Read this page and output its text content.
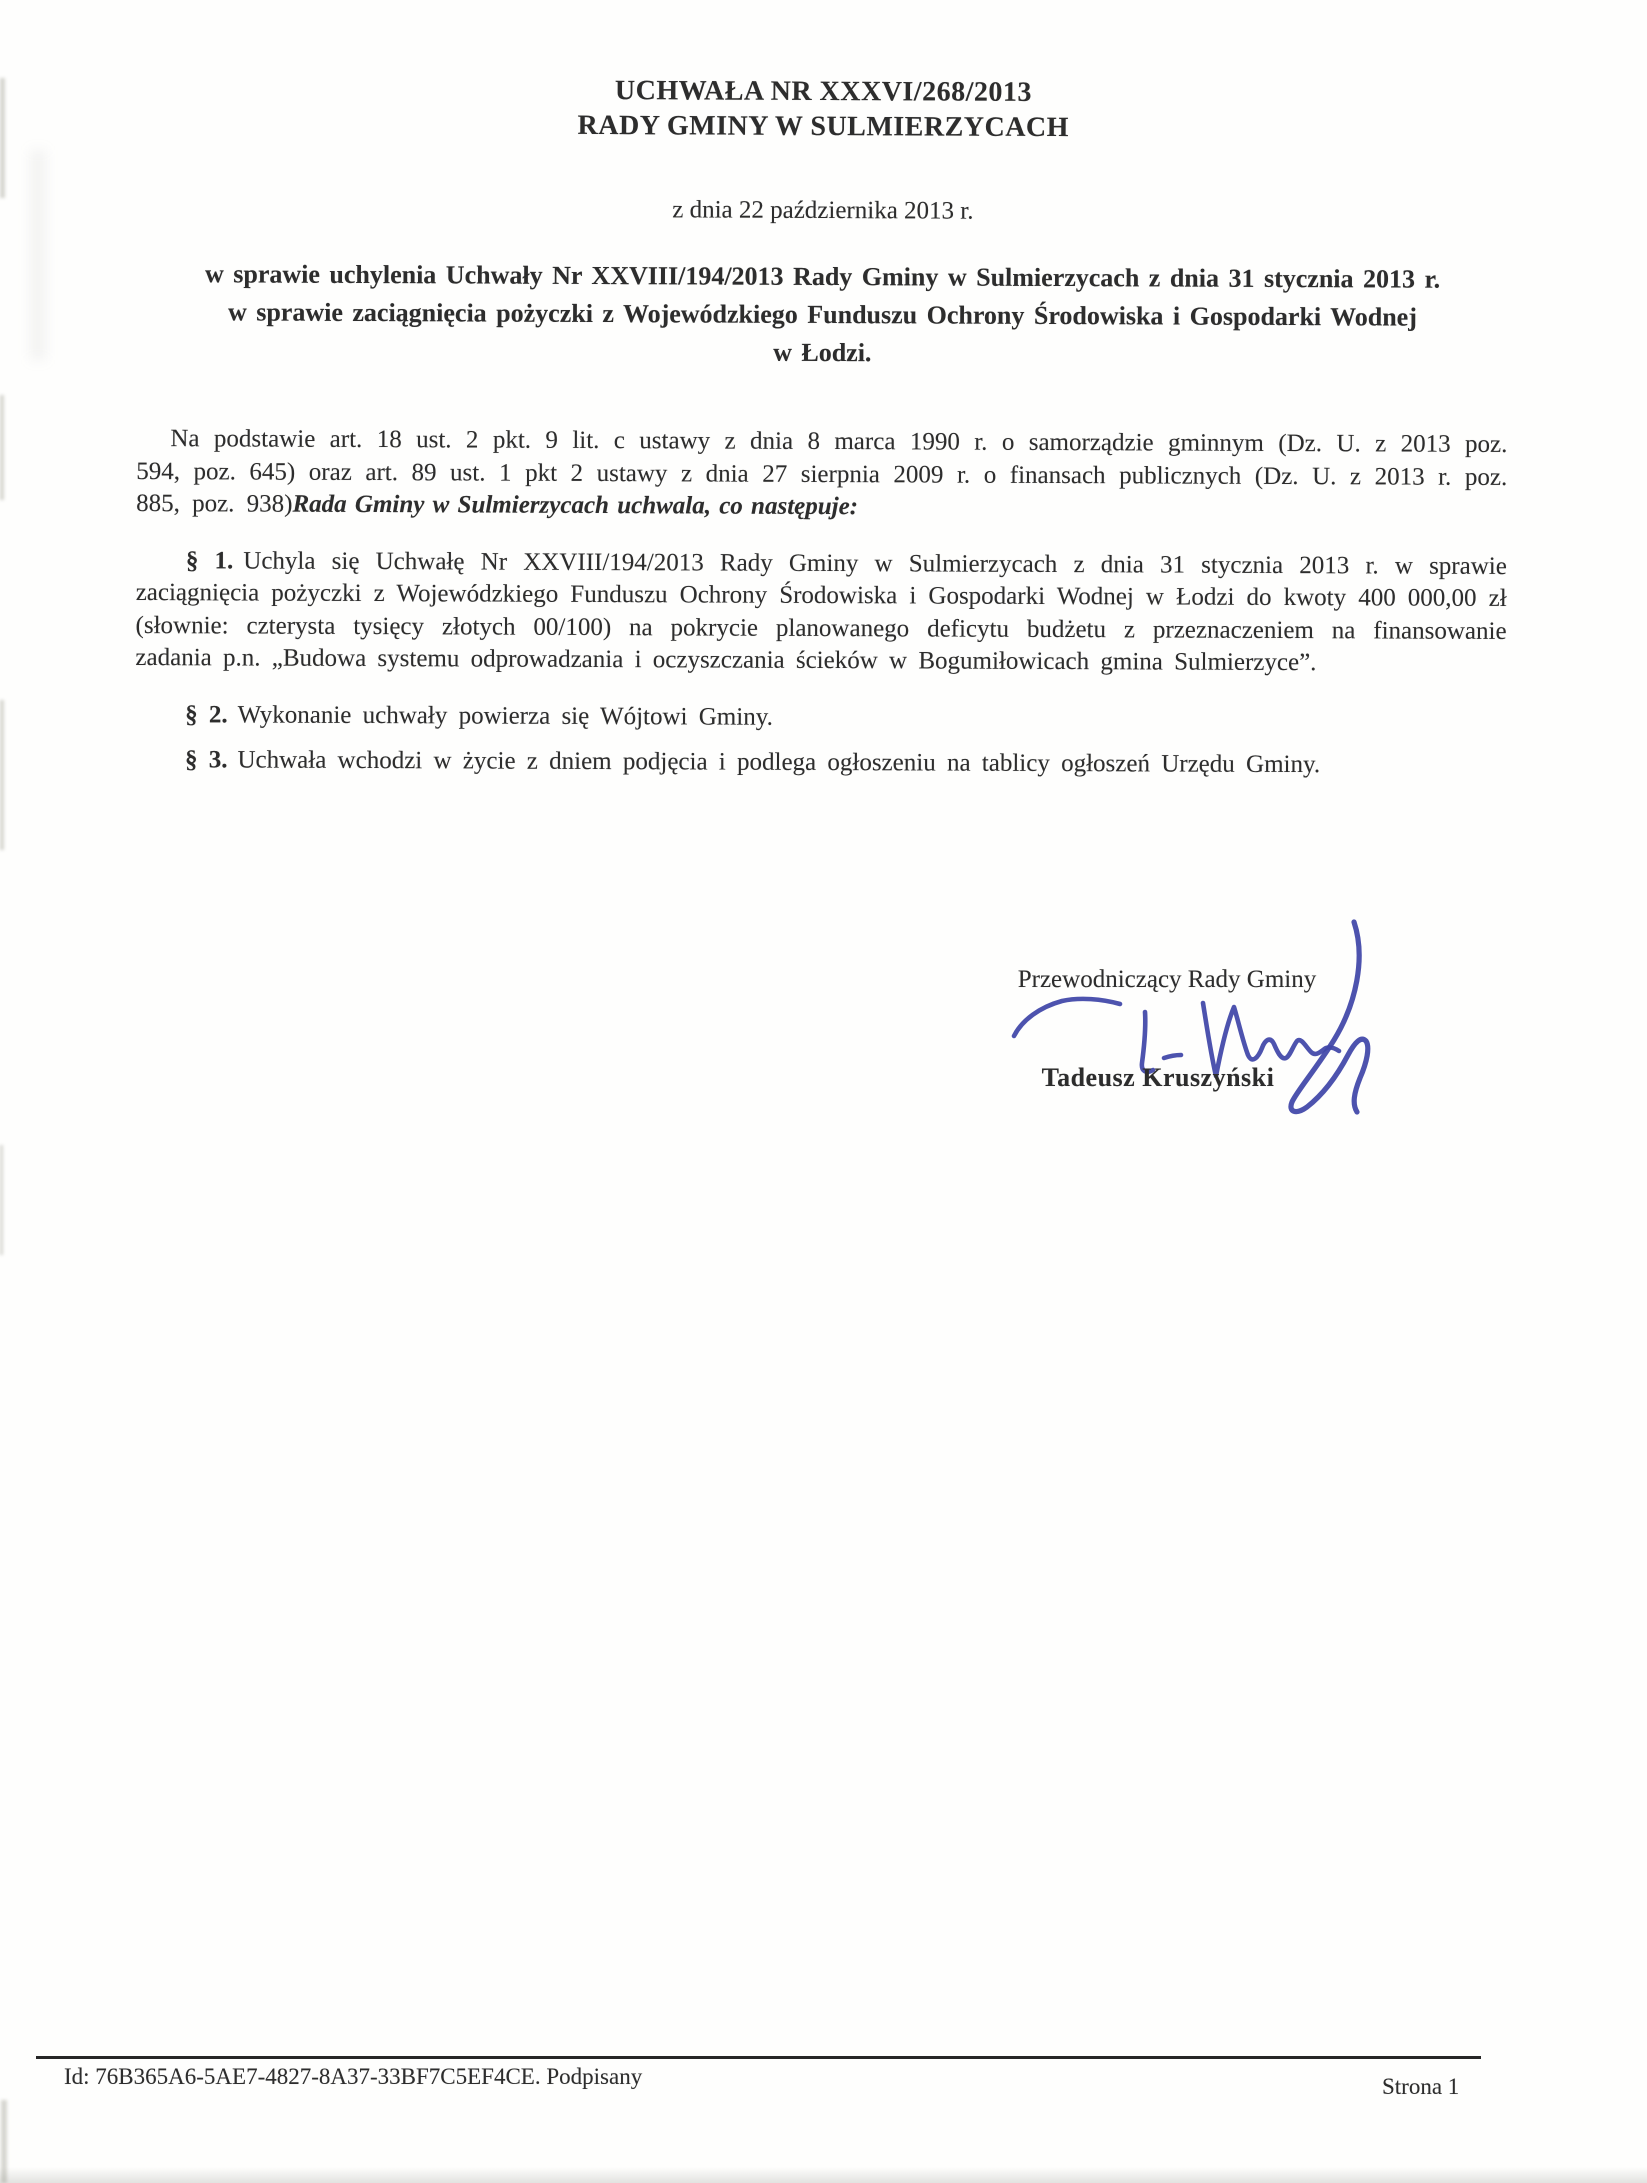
UCHWAŁA NR XXXVI/268/2013
RADY GMINY W SULMIERZYCACH
z dnia 22 października 2013 r.
w sprawie uchylenia Uchwały Nr XXVIII/194/2013 Rady Gminy w Sulmierzycach z dnia 31 stycznia 2013 r.
w sprawie zaciągnięcia pożyczki z Wojewódzkiego Funduszu Ochrony Środowiska i Gospodarki Wodnej
w Łodzi.

Na podstawie art. 18 ust. 2 pkt. 9 lit. c ustawy z dnia 8 marca 1990 r. o samorządzie gminnym (Dz. U. z 2013 poz. 594, poz. 645) oraz art. 89 ust. 1 pkt 2 ustawy z dnia 27 sierpnia 2009 r. o finansach publicznych (Dz. U. z 2013 r. poz. 885, poz. 938)Rada Gminy w Sulmierzycach uchwala, co następuje:

§ 1. Uchyla się Uchwałę Nr XXVIII/194/2013 Rady Gminy w Sulmierzycach z dnia 31 stycznia 2013 r. w sprawie zaciągnięcia pożyczki z Wojewódzkiego Funduszu Ochrony Środowiska i Gospodarki Wodnej w Łodzi do kwoty 400 000,00 zł (słownie: czterysta tysięcy złotych 00/100) na pokrycie planowanego deficytu budżetu z przeznaczeniem na finansowanie zadania p.n. „Budowa systemu odprowadzania i oczyszczania ścieków w Bogumiłowicach gmina Sulmierzyce”.

§ 2. Wykonanie uchwały powierza się Wójtowi Gminy.

§ 3. Uchwała wchodzi w życie z dniem podjęcia i podlega ogłoszeniu na tablicy ogłoszeń Urzędu Gminy.

Przewodniczący Rady Gminy
Tadeusz Kruszyński
Id: 76B365A6-5AE7-4827-8A37-33BF7C5EF4CE. Podpisany	Strona 1
